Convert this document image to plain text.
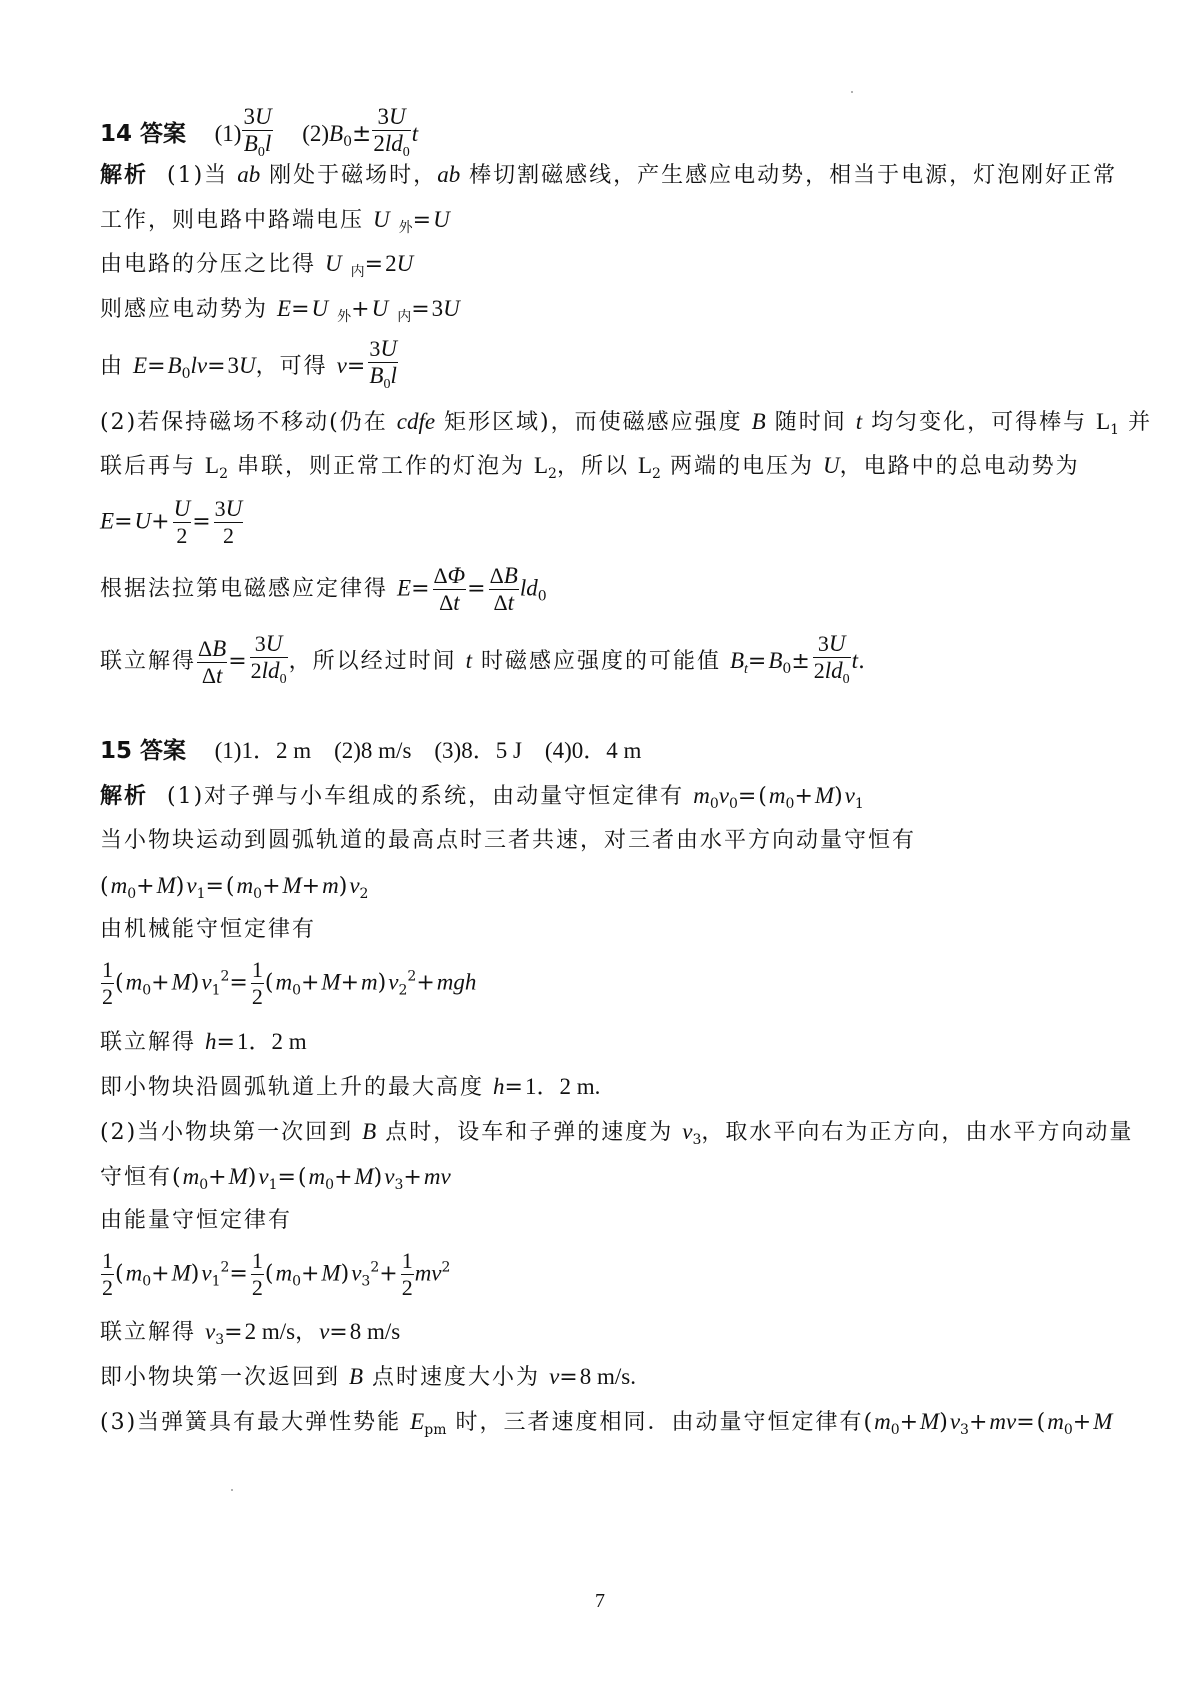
14 答案 $(1) \frac{3U}{B_0l} (2)B_0\pm \frac{3U}{2ld_0}$ t
解析 (1)当 ab 刚处于磁场时，ab 棒切割磁感线，产生感应电动势，相当于电源，灯泡刚好正常
工作，则电路中路端电压 U $_外$=U
由电路的分压之比得 U $_内$=2U
则感应电动势为 E=U $_外$+U $_内$=3U
由 $E=B_0lv=3U$，可得 $v= \frac{3U}{B_0l}$
(2)若保持磁场不移动(仍在 cdfe 矩形区域)，而使磁感应强度 B 随时间 t 均匀变化，可得棒与 $L_1$ 并
联后再与 $L_2$ 串联，则正常工作的灯泡为 $L_2$，所以 $L_2$ 两端的电压为 U，电路中的总电动势为
$E=U+ \frac{U}{2} = \frac{3U}{2}$
根据法拉第电磁感应定律得 $E= \frac{\Delta\Phi}{\Delta t} = \frac{\Delta B}{\Delta t} ld_0$
联立解得 $\frac{\Delta B}{\Delta t} = \frac{3U}{2ld_0}$ ，所以经过时间 t 时磁感应强度的可能值 $B_t=B_0\pm \frac{3U}{2ld_0} t$.
15 答案 (1)1．2 m　(2)8 m/s　(3)8．5 J　(4)0．4 m
解析 (1)对子弹与小车组成的系统，由动量守恒定律有 $m_0v_0=(m_0+M)v_1$
当小物块运动到圆弧轨道的最高点时三者共速，对三者由水平方向动量守恒有
$(m_0+M)v_1=(m_0+M+m)v_2$
由机械能守恒定律有
$\frac{1}{2} (m_0+M)v_1^2= \frac{1}{2} (m_0+M+m)v_2^2+mgh$
联立解得 h=1．2 m
即小物块沿圆弧轨道上升的最大高度 h=1．2 m.
(2)当小物块第一次回到 B 点时，设车和子弹的速度为 $v_3$，取水平向右为正方向，由水平方向动量
守恒有$(m_0+M)v_1=(m_0+M)v_3+mv$
由能量守恒定律有
$\frac{1}{2} (m_0+M)v_1^2= \frac{1}{2} (m_0+M)v_3^2+ \frac{1}{2} mv^2$
联立解得 $v_3=2$ m/s，v=8 m/s
即小物块第一次返回到 B 点时速度大小为 v=8 m/s.
(3)当弹簧具有最大弹性势能 $E_{pm}$ 时，三者速度相同．由动量守恒定律有$(m_0+M)v_3+mv=(m_0+M$
7
